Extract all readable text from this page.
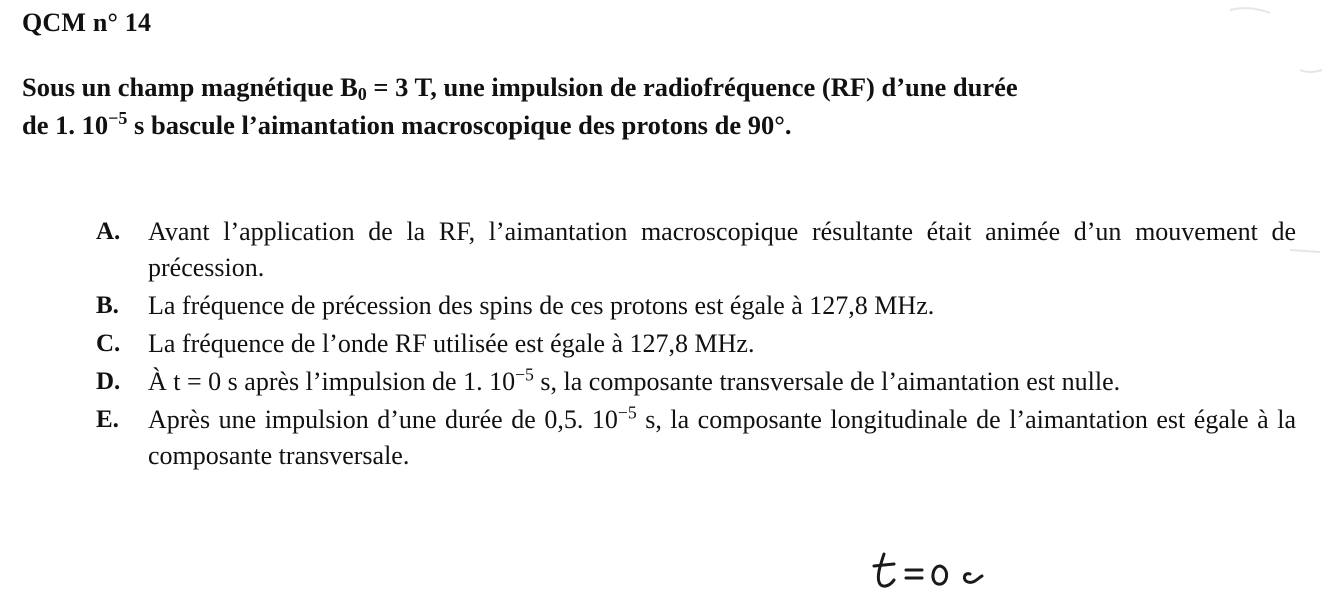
QCM n° 14
Sous un champ magnétique $B_0 = 3$ T, une impulsion de radiofréquence (RF) d’une durée
de 1. $10^{-5}$ s bascule l’aimantation macroscopique des protons de 90°.
A. Avant l’application de la RF, l’aimantation macroscopique résultante était animée d’un mouvement de précession.
B. La fréquence de précession des spins de ces protons est égale à 127,8 MHz.
C. La fréquence de l’onde RF utilisée est égale à 127,8 MHz.
D. À t = 0 s après l’impulsion de 1. $10^{-5}$ s, la composante transversale de l’aimantation est nulle.
E. Après une impulsion d’une durée de 0,5. $10^{-5}$ s, la composante longitudinale de l’aimantation est égale à la composante transversale.
